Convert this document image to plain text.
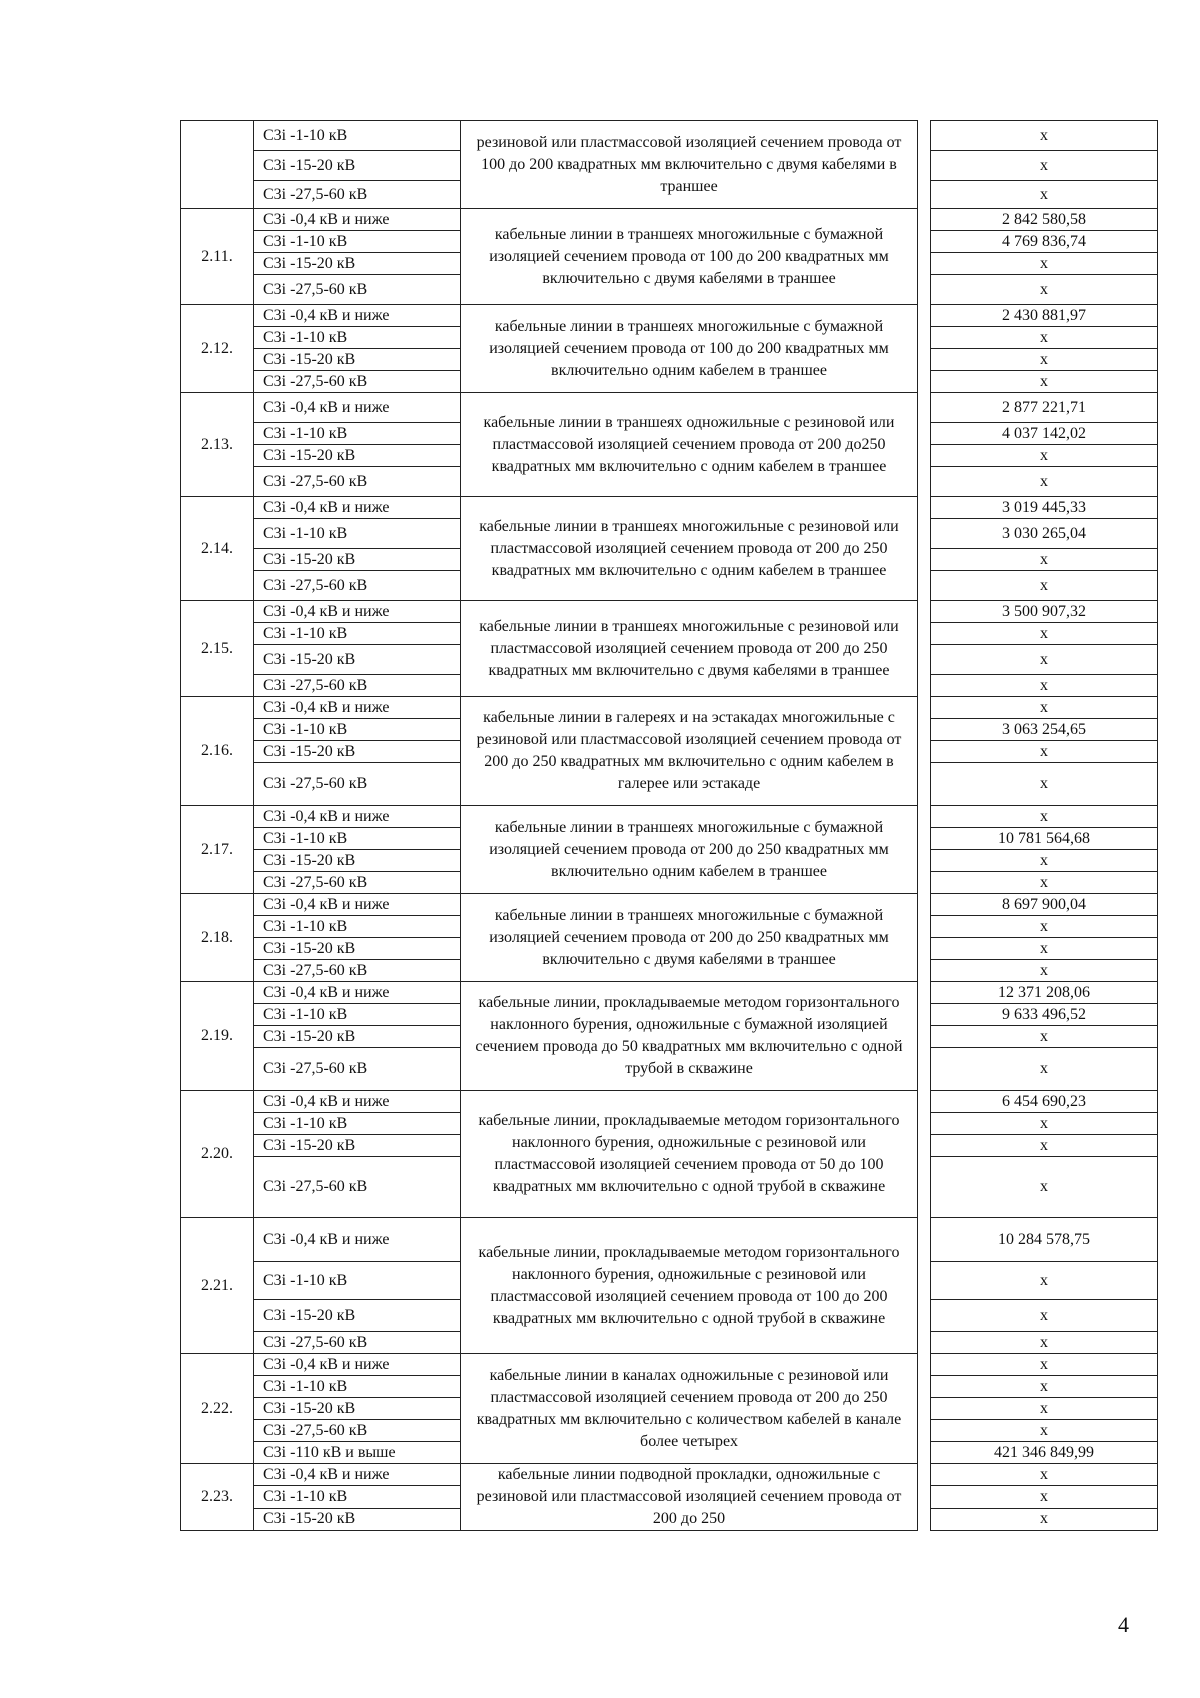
	C3i -1-10 кВ	резиновой или пластмассовой изоляцией сечением провода от 100 до 200 квадратных мм включительно с двумя кабелями в траншее		x
	C3i -15-20 кВ			x
	C3i -27,5-60 кВ			x
2.11.	C3i -0,4 кВ и ниже	кабельные линии в траншеях многожильные с бумажной изоляцией сечением провода от 100 до 200 квадратных мм включительно с двумя кабелями в траншее		2 842 580,58
	C3i -1-10 кВ			4 769 836,74
	C3i -15-20 кВ			x
	C3i -27,5-60 кВ			x
2.12.	C3i -0,4 кВ и ниже	кабельные линии в траншеях многожильные с бумажной изоляцией сечением провода от 100 до 200 квадратных мм включительно одним кабелем в траншее		2 430 881,97
	C3i -1-10 кВ			x
	C3i -15-20 кВ			x
	C3i -27,5-60 кВ			x
2.13.	C3i -0,4 кВ и ниже	кабельные линии в траншеях одножильные с резиновой или пластмассовой изоляцией сечением провода от 200 до250 квадратных мм включительно с одним кабелем в траншее		2 877 221,71
	C3i -1-10 кВ			4 037 142,02
	C3i -15-20 кВ			x
	C3i -27,5-60 кВ			x
2.14.	C3i -0,4 кВ и ниже	кабельные линии в траншеях многожильные с резиновой или пластмассовой изоляцией сечением провода от 200 до 250 квадратных мм включительно с одним кабелем в траншее		3 019 445,33
	C3i -1-10 кВ			3 030 265,04
	C3i -15-20 кВ			x
	C3i -27,5-60 кВ			x
2.15.	C3i -0,4 кВ и ниже	кабельные линии в траншеях многожильные с резиновой или пластмассовой изоляцией сечением провода от 200 до 250 квадратных мм включительно с двумя кабелями в траншее		3 500 907,32
	C3i -1-10 кВ			x
	C3i -15-20 кВ			x
	C3i -27,5-60 кВ			x
2.16.	C3i -0,4 кВ и ниже	кабельные линии в галереях и на эстакадах многожильные с резиновой или пластмассовой изоляцией сечением провода от 200 до 250 квадратных мм включительно с одним кабелем в галерее или эстакаде		x
	C3i -1-10 кВ			3 063 254,65
	C3i -15-20 кВ			x
	C3i -27,5-60 кВ			x
2.17.	C3i -0,4 кВ и ниже	кабельные линии в траншеях многожильные с бумажной изоляцией сечением провода от 200 до 250 квадратных мм включительно одним кабелем в траншее		x
	C3i -1-10 кВ			10 781 564,68
	C3i -15-20 кВ			x
	C3i -27,5-60 кВ			x
2.18.	C3i -0,4 кВ и ниже	кабельные линии в траншеях многожильные с бумажной изоляцией сечением провода от 200 до 250 квадратных мм включительно с двумя кабелями в траншее		8 697 900,04
	C3i -1-10 кВ			x
	C3i -15-20 кВ			x
	C3i -27,5-60 кВ			x
2.19.	C3i -0,4 кВ и ниже	кабельные линии, прокладываемые методом горизонтального наклонного бурения, одножильные с бумажной изоляцией сечением провода до 50 квадратных мм включительно с одной трубой в скважине		12 371 208,06
	C3i -1-10 кВ			9 633 496,52
	C3i -15-20 кВ			x
	C3i -27,5-60 кВ			x
2.20.	C3i -0,4 кВ и ниже	кабельные линии, прокладываемые методом горизонтального наклонного бурения, одножильные с резиновой или пластмассовой изоляцией сечением провода от 50 до 100 квадратных мм включительно с одной трубой в скважине		6 454 690,23
	C3i -1-10 кВ			x
	C3i -15-20 кВ			x
	C3i -27,5-60 кВ			x
2.21.	C3i -0,4 кВ и ниже	кабельные линии, прокладываемые методом горизонтального наклонного бурения, одножильные с резиновой или пластмассовой изоляцией сечением провода от 100 до 200 квадратных мм включительно с одной трубой в скважине		10 284 578,75
	C3i -1-10 кВ			x
	C3i -15-20 кВ			x
	C3i -27,5-60 кВ			x
2.22.	C3i -0,4 кВ и ниже	кабельные линии в каналах одножильные с резиновой или пластмассовой изоляцией сечением провода от 200 до 250 квадратных мм включительно с количеством кабелей в канале более четырех		x
	C3i -1-10 кВ			x
	C3i -15-20 кВ			x
	C3i -27,5-60 кВ			x
	C3i -110 кВ и выше			421 346 849,99
2.23.	C3i -0,4 кВ и ниже	кабельные линии подводной прокладки, одножильные с резиновой или пластмассовой изоляцией сечением провода от 200 до 250		x
	C3i -1-10 кВ			x
	C3i -15-20 кВ			x
4
